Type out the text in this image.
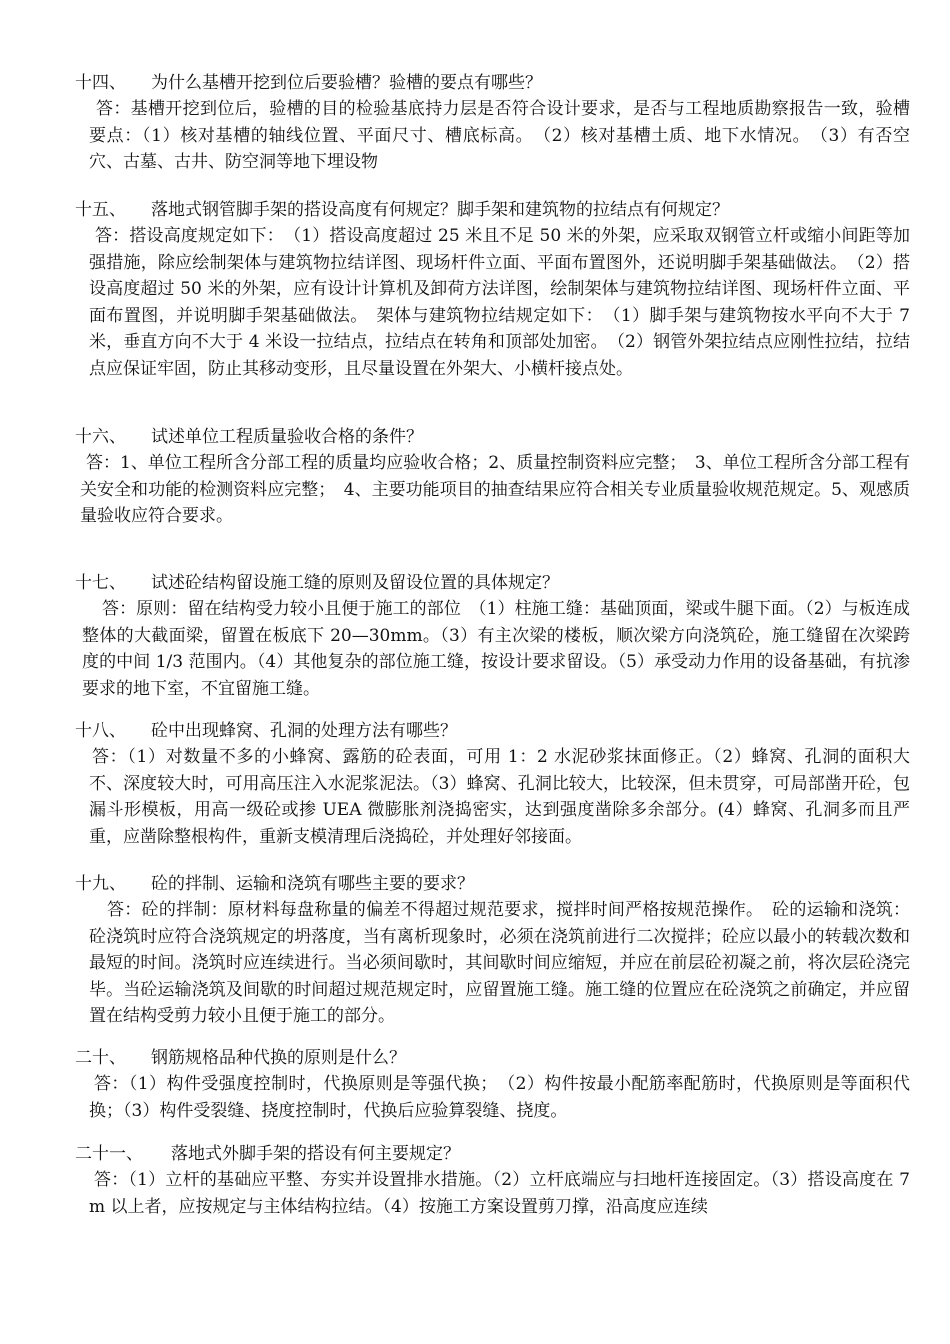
十四、 为什么基槽开挖到位后要验槽？验槽的要点有哪些？

答：基槽开挖到位后，验槽的目的检验基底持力层是否符合设计要求，是否与工程地质勘察报告一致，验槽要点：（1）核对基槽的轴线位置、平面尺寸、槽底标高。　（2）核对基槽土质、地下水情况。　（3）有否空穴、古墓、古井、防空洞等地下埋设物

十五、 落地式钢管脚手架的搭设高度有何规定？脚手架和建筑物的拉结点有何规定？

答：搭设高度规定如下：　（1）搭设高度超过 25 米且不足 50 米的外架，应采取双钢管立杆或缩小间距等加强措施，除应绘制架体与建筑物拉结详图、现场杆件立面、平面布置图外，还说明脚手架基础做法。　（2）搭设高度超过 50 米的外架，应有设计计算机及卸荷方法详图，绘制架体与建筑物拉结详图、现场杆件立面、平面布置图，并说明脚手架基础做法。　架体与建筑物拉结规定如下：　（1）脚手架与建筑物按水平向不大于 7 米，垂直方向不大于 4 米设一拉结点，拉结点在转角和顶部处加密。　（2）钢管外架拉结点应刚性拉结，拉结点应保证牢固，防止其移动变形，且尽量设置在外架大、小横杆接点处。

十六、 试述单位工程质量验收合格的条件？

答：1、单位工程所含分部工程的质量均应验收合格；2、质量控制资料应完整；　3、单位工程所含分部工程有关安全和功能的检测资料应完整；　4、主要功能项目的抽查结果应符合相关专业质量验收规范规定。5、观感质量验收应符合要求。

十七、 试述砼结构留设施工缝的原则及留设位置的具体规定？

答：原则：留在结构受力较小且便于施工的部位　（1）柱施工缝：基础顶面，梁或牛腿下面。（2）与板连成整体的大截面梁，留置在板底下 20—30mm。（3）有主次梁的楼板，顺次梁方向浇筑砼，施工缝留在次梁跨度的中间 1/3 范围内。（4）其他复杂的部位施工缝，按设计要求留设。（5）承受动力作用的设备基础，有抗渗要求的地下室，不宜留施工缝。

十八、 砼中出现蜂窝、孔洞的处理方法有哪些？

答：（1）对数量不多的小蜂窝、露筋的砼表面，可用 1：2 水泥砂浆抹面修正。（2）蜂窝、孔洞的面积大不、深度较大时，可用高压注入水泥浆泥法。（3）蜂窝、孔洞比较大，比较深，但未贯穿，可局部凿开砼，包漏斗形模板，用高一级砼或掺 UEA 微膨胀剂浇捣密实，达到强度凿除多余部分。(4）蜂窝、孔洞多而且严重，应凿除整根构件，重新支模清理后浇捣砼，并处理好邻接面。

十九、 砼的拌制、运输和浇筑有哪些主要的要求？

答：砼的拌制：原材料每盘称量的偏差不得超过规范要求，搅拌时间严格按规范操作。　砼的运输和浇筑：砼浇筑时应符合浇筑规定的坍落度，当有离析现象时，必须在浇筑前进行二次搅拌；砼应以最小的转载次数和最短的时间。浇筑时应连续进行。当必须间歇时，其间歇时间应缩短，并应在前层砼初凝之前，将次层砼浇完毕。当砼运输浇筑及间歇的时间超过规范规定时，应留置施工缝。施工缝的位置应在砼浇筑之前确定，并应留置在结构受剪力较小且便于施工的部分。

二十、 钢筋规格品种代换的原则是什么？

答：（1）构件受强度控制时，代换原则是等强代换；　（2）构件按最小配筋率配筋时，代换原则是等面积代换；（3）构件受裂缝、挠度控制时，代换后应验算裂缝、挠度。

二十一、 落地式外脚手架的搭设有何主要规定？

答：（1）立杆的基础应平整、夯实并设置排水措施。（2）立杆底端应与扫地杆连接固定。（3）搭设高度在 7m 以上者，应按规定与主体结构拉结。（4）按施工方案设置剪刀撑，沿高度应连续
